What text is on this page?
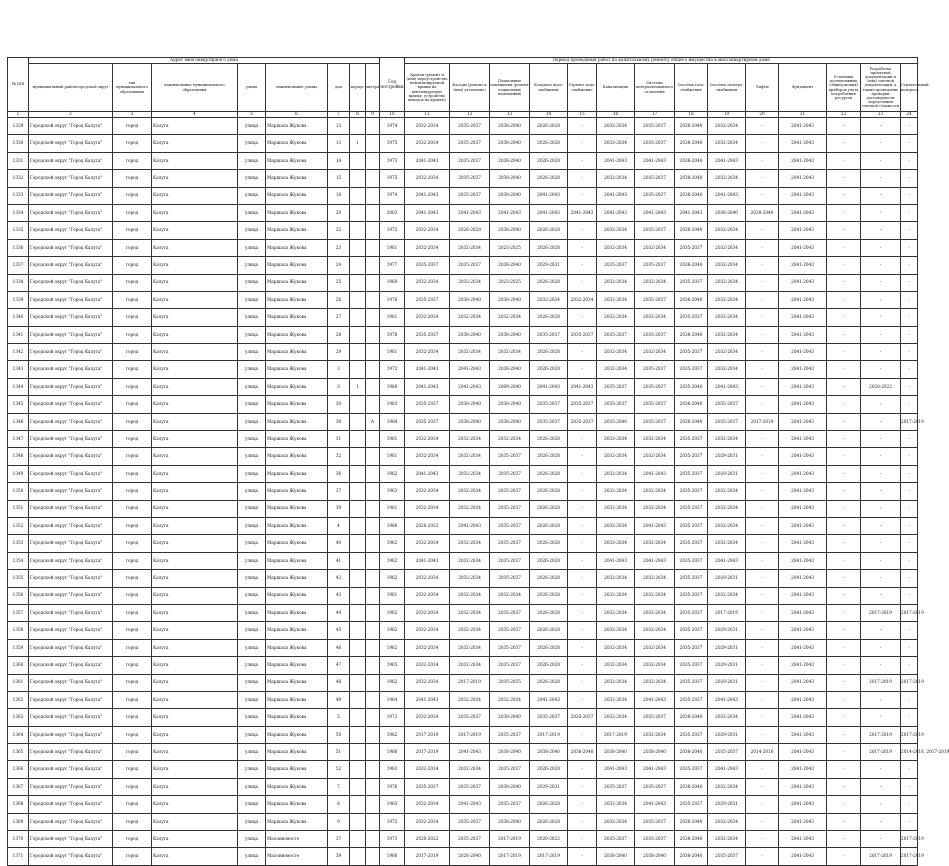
№ п/п	Адрес многоквартирного дома								Год постройки	Период проведения работ по капитальному ремонту общего имущества в многоквартирном доме													
	муниципальный район/городской округ	тип муниципального образования	наименование муниципального образования	улица	наименование улицы	дом	корпус	литера		Кровля (ремонт и (или) переустройство невентилируемой крыши на вентилируемую крышу, устройство выходов на кровлю)	Фасады (ремонт и (или) утепление)	Подвальные помещения (ремонт подвальных помещений)	Холодное водо-снабжение	Горячее водо-снабжение	Канализация	Система централизованного отопления	Система газо-снабжения	Система электро-снабжения	Лифты	Фундамент	Установка коллективных (общедомовых) приборов учета потребления ресурсов	Разработка проектной документации и (или) сметной документации, а также проведение проверки достоверности определения сметной стоимости	Строительный контроль
1	2	3	4	5	6	7	8	9	10	11	12	13	14	15	16	17	18	19	20	21	22	23	24
1329	Городской округ "Город Калуга"	город	Калуга	улица	Маршала Жукова	13			1974	2032-2034	2035-2037	2038-2040	2026-2028	-	2032-2034	2035-2037	2038-2040	2032-2034	-	2041-2043	-	-	-
1330	Городской округ "Город Калуга"	город	Калуга	улица	Маршала Жукова	13	1		1975	2032-2034	2035-2037	2038-2040	2026-2028	-	2032-2034	2035-2037	2038-2040	2032-2034	-	2041-2043	-	-	-
1331	Городской округ "Город Калуга"	город	Калуга	улица	Маршала Жукова	14			1973	2041-2043	2035-2037	2038-2040	2026-2028	-	2041-2043	2041-2043	2038-2040	2041-2043	-	2041-2043	-	-	-
1332	Городской округ "Город Калуга"	город	Калуга	улица	Маршала Жукова	15			1975	2032-2034	2035-2037	2038-2040	2026-2028	-	2032-2034	2035-2037	2038-2040	2032-2034	-	2041-2043	-	-	-
1333	Городской округ "Город Калуга"	город	Калуга	улица	Маршала Жукова	18			1974	2041-2043	2035-2037	2038-2040	2041-2043	-	2041-2043	2035-2037	2038-2040	2041-2043	-	2041-2043	-	-	-
1334	Городской округ "Город Калуга"	город	Калуга	улица	Маршала Жукова	20			2003	2041-2043	2041-2043	2041-2043	2041-2043	2041-2043	2041-2043	2041-2043	2041-2043	2038-2040	2038-2040	2041-2043	-	-	-
1335	Городской округ "Город Калуга"	город	Калуга	улица	Маршала Жукова	22			1975	2032-2034	2026-2028	2038-2040	2026-2028	-	2032-2034	2035-2037	2038-2040	2032-2034	-	2041-2043	-	-	-
1336	Городской округ "Город Калуга"	город	Калуга	улица	Маршала Жукова	23			1961	2032-2034	2032-2034	2023-2025	2026-2028	-	2032-2034	2032-2034	2035-2037	2032-2034	-	2041-2043	-	-	-
1337	Городской округ "Город Калуга"	город	Калуга	улица	Маршала Жукова	24			1977	2035-2037	2035-2037	2038-2040	2029-2031	-	2035-2037	2035-2037	2038-2040	2032-2034	-	2041-2043	-	-	-
1338	Городской округ "Город Калуга"	город	Калуга	улица	Маршала Жукова	25			1960	2032-2034	2032-2034	2023-2025	2026-2028	-	2032-2034	2032-2034	2035-2037	2032-2034	-	2041-2043	-	-	-
1339	Городской округ "Город Калуга"	город	Калуга	улица	Маршала Жукова	26			1976	2035-2037	2038-2040	2038-2040	2032-2034	2032-2034	2032-2034	2035-2037	2038-2040	2032-2034	-	2041-2043	-	-	-
1340	Городской округ "Город Калуга"	город	Калуга	улица	Маршала Жукова	27			1961	2032-2034	2032-2034	2032-2034	2026-2028	-	2032-2034	2032-2034	2035-2037	2032-2034	-	2041-2043	-	-	-
1341	Городской округ "Город Калуга"	город	Калуга	улица	Маршала Жукова	28			1978	2035-2037	2038-2040	2038-2040	2035-2037	2035-2037	2035-2037	2035-2037	2038-2040	2032-2034	-	2041-2043	-	-	-
1342	Городской округ "Город Калуга"	город	Калуга	улица	Маршала Жукова	29			1961	2032-2034	2032-2034	2032-2034	2026-2028	-	2032-2034	2032-2034	2035-2037	2032-2034	-	2041-2043	-	-	-
1343	Городской округ "Город Калуга"	город	Калуга	улица	Маршала Жукова	3			1972	2041-2043	2041-2043	2038-2040	2026-2028	-	2032-2034	2035-2037	2035-2037	2032-2034	-	2041-2043	-	-	-
1344	Городской округ "Город Калуга"	город	Калуга	улица	Маршала Жукова	3	1		1980	2041-2043	2041-2043	2009-2040	2041-2043	2041-2043	2035-2037	2035-2037	2035-2040	2041-2043	-	2041-2043	-	2020-2022	-
1345	Городской округ "Город Калуга"	город	Калуга	улица	Маршала Жукова	30			1983	2035-2037	2038-2040	2038-2040	2035-2037	2035-2037	2035-2037	2035-2037	2038-2040	2035-2037	-	2041-2043	-	-	-
1346	Городской округ "Город Калуга"	город	Калуга	улица	Маршала Жукова	30		А	1984	2035-2037	2038-2040	2038-2040	2035-2037	2035-2037	2035-2040	2035-2037	2038-2040	2035-2037	2017-2019	2041-2043	-	-	2017-2019
1347	Городской округ "Город Калуга"	город	Калуга	улица	Маршала Жукова	31			1961	2032-2034	2032-2034	2032-2034	2026-2028	-	2032-2034	2032-2034	2035-2037	2032-2034	-	2041-2043	-	-	-
1348	Городской округ "Город Калуга"	город	Калуга	улица	Маршала Жукова	32			1961	2032-2034	2032-2034	2035-2037	2026-2028	-	2032-2034	2032-2034	2035-2037	2029-2031	-	2041-2043	-	-	-
1349	Городской округ "Город Калуга"	город	Калуга	улица	Маршала Жукова	36			1962	2041-2043	2032-2034	2035-2037	2026-2028	-	2032-2034	2041-2043	2035-2037	2029-2031	-	2041-2043	-	-	-
1350	Городской округ "Город Калуга"	город	Калуга	улица	Маршала Жукова	37			1963	2032-2034	2032-2034	2035-2037	2026-2028	-	2032-2034	2032-2034	2035-2037	2032-2034	-	2041-2043	-	-	-
1351	Городской округ "Город Калуга"	город	Калуга	улица	Маршала Жукова	39			1961	2032-2034	2032-2034	2035-2037	2026-2028	-	2032-2034	2032-2034	2035-2037	2032-2034	-	2041-2043	-	-	-
1352	Городской округ "Город Калуга"	город	Калуга	улица	Маршала Жукова	4			1986	2020-2022	2041-2043	2035-2037	2026-2028	-	2032-2034	2041-2043	2035-2037	2032-2034	-	2041-2043	-	-	-
1353	Городской округ "Город Калуга"	город	Калуга	улица	Маршала Жукова	40			1962	2032-2034	2032-2034	2035-2037	2026-2028	-	2032-2034	2032-2034	2035-2037	2032-2034	-	2041-2043	-	-	-
1354	Городской округ "Город Калуга"	город	Калуга	улица	Маршала Жукова	41			1962	2041-2043	2032-2034	2035-2037	2026-2028	-	2041-2043	2041-2043	2035-2037	2041-2043	-	2041-2043	-	-	-
1355	Городской округ "Город Калуга"	город	Калуга	улица	Маршала Жукова	42			1962	2032-2034	2032-2034	2035-2037	2026-2028	-	2032-2034	2032-2034	2035-2037	2029-2031	-	2041-2043	-	-	-
1356	Городской округ "Город Калуга"	город	Калуга	улица	Маршала Жукова	43			1961	2032-2034	2032-2034	2032-2034	2026-2028	-	2032-2034	2032-2034	2035-2037	2032-2034	-	2041-2043	-	-	-
1357	Городской округ "Город Калуга"	город	Калуга	улица	Маршала Жукова	44			1962	2032-2034	2032-2034	2035-2037	2026-2028	-	2032-2034	2032-2034	2035-2037	2017-2019	-	2041-2043	-	2017-2019	2017-2019
1358	Городской округ "Город Калуга"	город	Калуга	улица	Маршала Жукова	45			1962	2032-2034	2032-2034	2035-2037	2026-2028	-	2032-2034	2032-2034	2035-2037	2029-2031	-	2041-2043	-	-	-
1359	Городской округ "Город Калуга"	город	Калуга	улица	Маршала Жукова	46			1962	2032-2034	2032-2034	2035-2037	2026-2028	-	2032-2034	2032-2034	2035-2037	2029-2031	-	2041-2043	-	-	-
1360	Городской округ "Город Калуга"	город	Калуга	улица	Маршала Жукова	47			1965	2032-2034	2032-2034	2035-2037	2026-2028	-	2032-2034	2032-2034	2035-2037	2029-2031	-	2041-2043	-	-	-
1361	Городской округ "Город Калуга"	город	Калуга	улица	Маршала Жукова	48			1962	2032-2034	2017-2019	2035-2055	2026-2028	-	2032-2034	2032-2034	2035-2037	2029-2031	-	2041-2043	-	2017-2019	2017-2019
1362	Городской округ "Город Калуга"	город	Калуга	улица	Маршала Жукова	49			1964	2041-2043	2032-2034	2032-2034	2041-2043	-	2032-2034	2041-2043	2035-2037	2041-2043	-	2041-2043	-	-	-
1363	Городской округ "Город Калуга"	город	Калуга	улица	Маршала Жукова	5			1972	2032-2034	2035-2037	2038-2040	2035-2037	2035-2037	2032-2034	2035-2037	2038-2040	2032-2034	-	2041-2043	-	-	-
1364	Городской округ "Город Калуга"	город	Калуга	улица	Маршала Жукова	50			1982	2017-2019	2017-2019	2035-2037	2017-2019	-	2017-2019	2032-2034	2035-2037	2029-2031	-	2041-2043	-	2017-2019	2017-2019
1365	Городской округ "Город Калуга"	город	Калуга	улица	Маршала Жукова	51			1986	2017-2019	2041-2043	2038-2040	2038-2040	2038-2040	2038-2040	2038-2040	2038-2040	2035-2037	2014-2016	2041-2043	-	2017-2019	2014-2016, 2017-2019
1366	Городской округ "Город Калуга"	город	Калуга	улица	Маршала Жукова	52			1983	2032-2034	2032-2034	2035-2037	2026-2028	-	2041-2043	2041-2043	2035-2037	2041-2043	-	2041-2043	-	-	-
1367	Городской округ "Город Калуга"	город	Калуга	улица	Маршала Жукова	7			1976	2035-2037	2035-2037	2038-2040	2029-2031	-	2035-2037	2035-2037	2038-2040	2032-2034	-	2041-2043	-	-	-
1368	Городской округ "Город Калуга"	город	Калуга	улица	Маршала Жукова	8			1963	2032-2034	2041-2043	2035-2037	2026-2028	-	2032-2034	2041-2043	2035-2037	2029-2031	-	2041-2043	-	-	-
1369	Городской округ "Город Калуга"	город	Калуга	улица	Маршала Жукова	9			1975	2032-2034	2035-2037	2038-2040	2026-2028	-	2032-2034	2035-2037	2038-2040	2032-2034	-	2041-2043	-	-	-
1370	Городской округ "Город Калуга"	город	Калуга	улица	Малоиновосте	37			1973	2020-2022	2035-2037	2017-2019	2020-2022	-	2035-2037	2035-2037	2038-2040	2032-2034	-	2041-2043	-	-	2017-2019
1371	Городской округ "Город Калуга"	город	Калуга	улица	Малоиновосте	39			1966	2017-2019	2026-2040	2017-2019	2017-2019	-	2038-2040	2038-2040	2038-2040	2035-2037	-	2041-2043	-	2017-2019	2017-2019
